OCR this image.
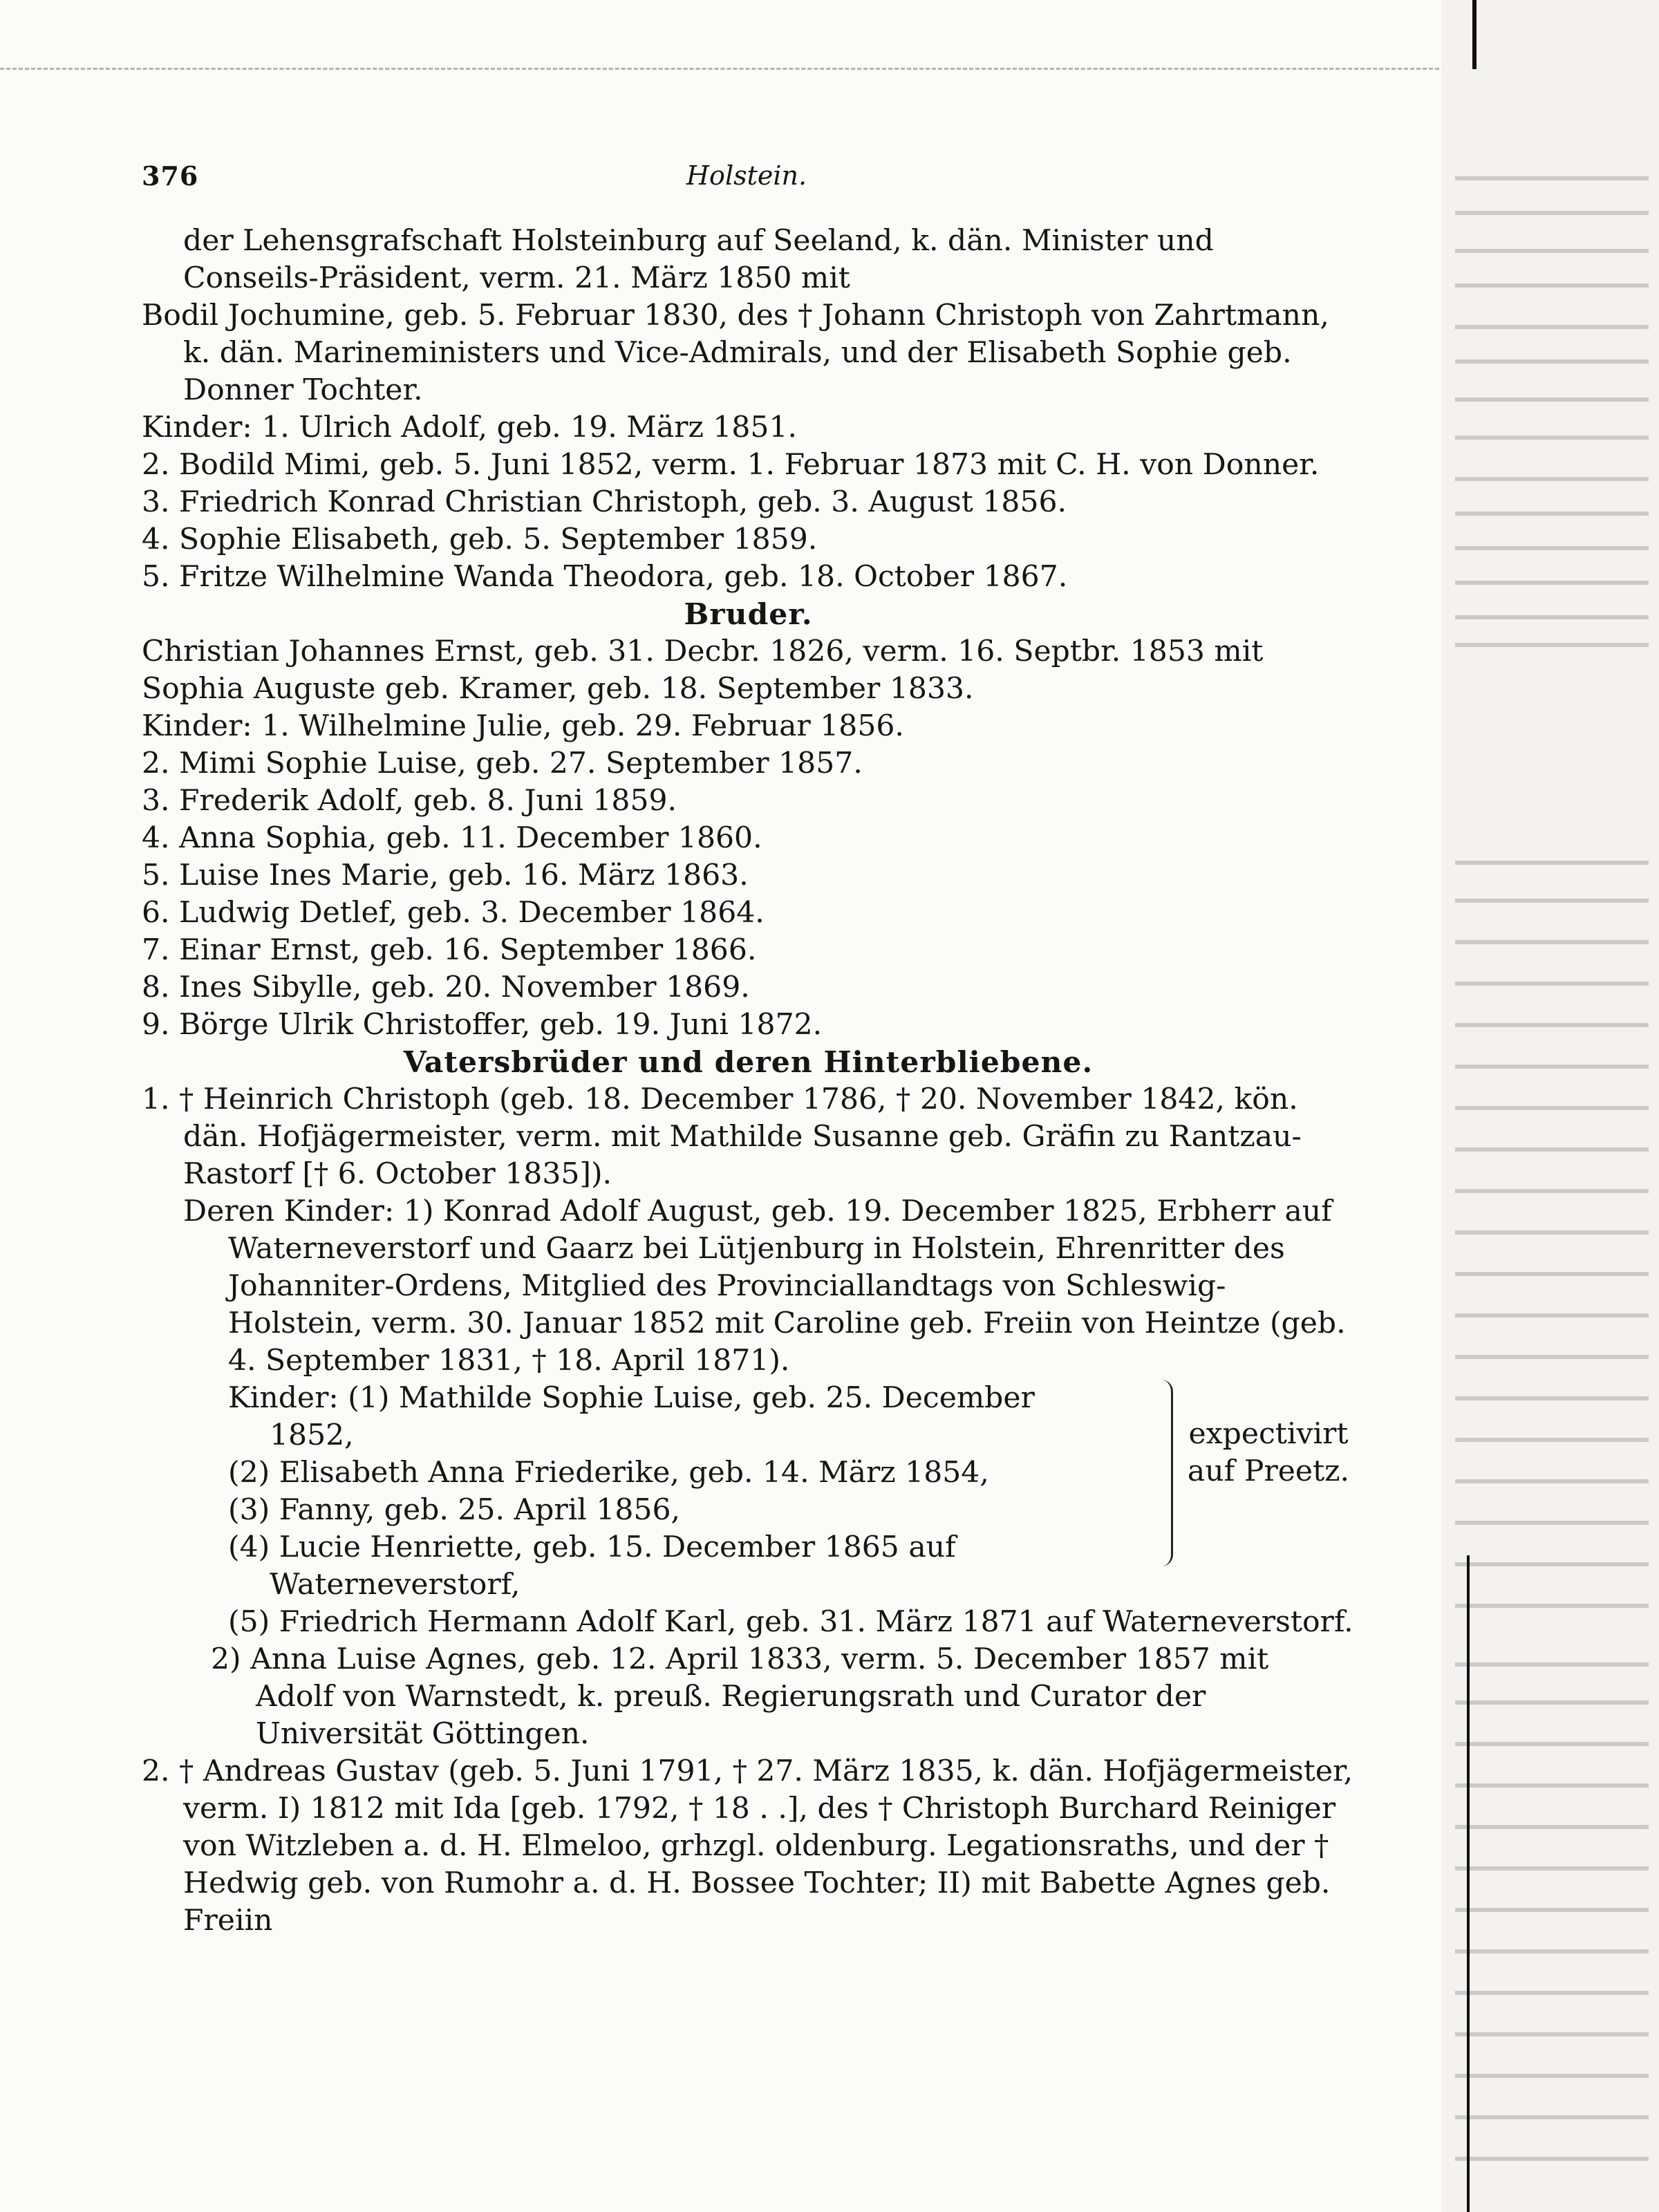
376	Holstein.

der Lehensgrafschaft Holsteinburg auf Seeland, k. dän. Minister und Conseils-Präsident, verm. 21. März 1850 mit

Bodil Jochumine, geb. 5. Februar 1830, des † Johann Christoph von Zahrtmann, k. dän. Marineministers und Vice-Admirals, und der Elisabeth Sophie geb. Donner Tochter.

Kinder: 1. Ulrich Adolf, geb. 19. März 1851.

2. Bodild Mimi, geb. 5. Juni 1852, verm. 1. Februar 1873 mit C. H. von Donner.

3. Friedrich Konrad Christian Christoph, geb. 3. August 1856.

4. Sophie Elisabeth, geb. 5. September 1859.

5. Fritze Wilhelmine Wanda Theodora, geb. 18. October 1867.

Bruder.

Christian Johannes Ernst, geb. 31. Decbr. 1826, verm. 16. Septbr. 1853 mit

Sophia Auguste geb. Kramer, geb. 18. September 1833.

Kinder: 1. Wilhelmine Julie, geb. 29. Februar 1856.

2. Mimi Sophie Luise, geb. 27. September 1857.

3. Frederik Adolf, geb. 8. Juni 1859.

4. Anna Sophia, geb. 11. December 1860.

5. Luise Ines Marie, geb. 16. März 1863.

6. Ludwig Detlef, geb. 3. December 1864.

7. Einar Ernst, geb. 16. September 1866.

8. Ines Sibylle, geb. 20. November 1869.

9. Börge Ulrik Christoffer, geb. 19. Juni 1872.

Vatersbrüder und deren Hinterbliebene.

1. † Heinrich Christoph (geb. 18. December 1786, † 20. November 1842, kön. dän. Hofjägermeister, verm. mit Mathilde Susanne geb. Gräfin zu Rantzau-Rastorf [† 6. October 1835]).

Deren Kinder: 1) Konrad Adolf August, geb. 19. December 1825, Erbherr auf Waterneverstorf und Gaarz bei Lütjenburg in Holstein, Ehrenritter des Johanniter-Ordens, Mitglied des Provinciallandtags von Schleswig-Holstein, verm. 30. Januar 1852 mit Caroline geb. Freiin von Heintze (geb. 4. September 1831, † 18. April 1871).

Kinder: (1) Mathilde Sophie Luise, geb. 25. December 1852,

(2) Elisabeth Anna Friederike, geb. 14. März 1854,

(3) Fanny, geb. 25. April 1856,

(4) Lucie Henriette, geb. 15. December 1865 auf Waterneverstorf,

expectivirt auf Preetz.

(5) Friedrich Hermann Adolf Karl, geb. 31. März 1871 auf Waterneverstorf.

2) Anna Luise Agnes, geb. 12. April 1833, verm. 5. December 1857 mit Adolf von Warnstedt, k. preuß. Regierungsrath und Curator der Universität Göttingen.

2. † Andreas Gustav (geb. 5. Juni 1791, † 27. März 1835, k. dän. Hofjägermeister, verm. I) 1812 mit Ida [geb. 1792, † 18 . .], des † Christoph Burchard Reiniger von Witzleben a. d. H. Elmeloo, grhzgl. oldenburg. Legationsraths, und der † Hedwig geb. von Rumohr a. d. H. Bossee Tochter; II) mit Babette Agnes geb. Freiin
